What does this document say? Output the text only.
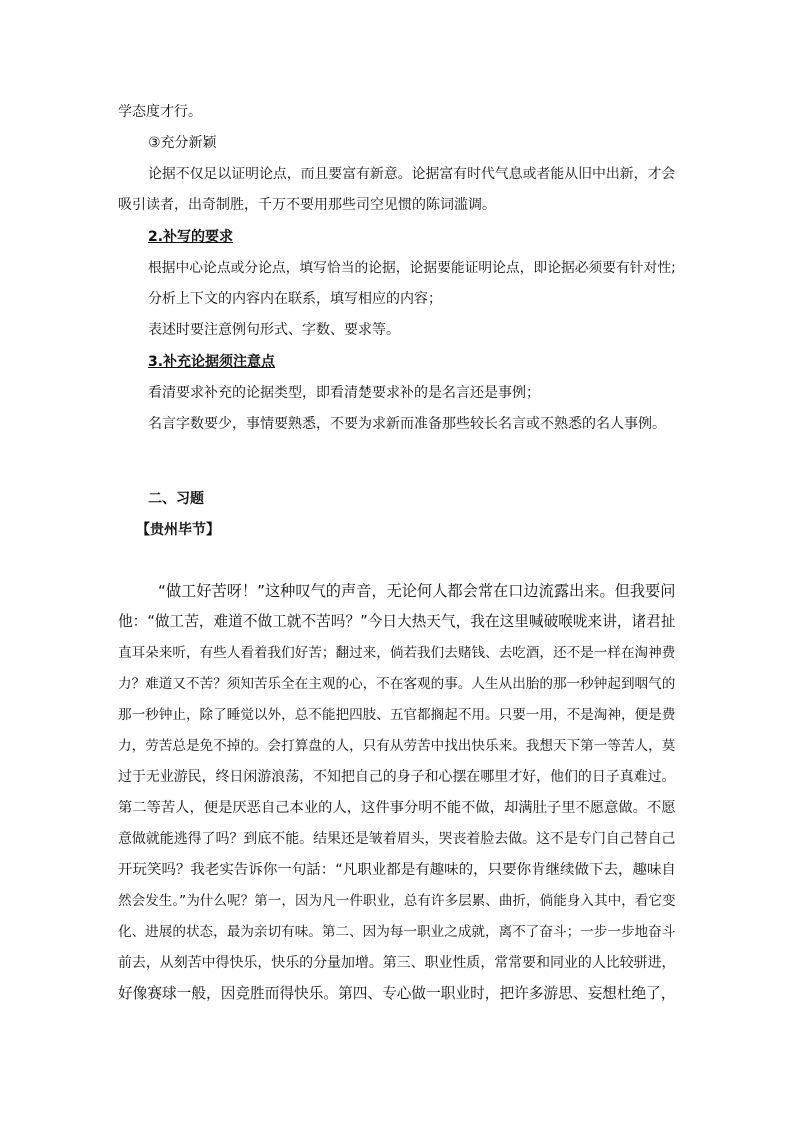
学态度才行。
③充分新颖
论据不仅足以证明论点，而且要富有新意。论据富有时代气息或者能从旧中出新，才会
吸引读者，出奇制胜，千万不要用那些司空见惯的陈词滥调。
2.补写的要求
根据中心论点或分论点，填写恰当的论据，论据要能证明论点，即论据必须要有针对性;
分析上下文的内容内在联系，填写相应的内容；
表述时要注意例句形式、字数、要求等。
3.补充论据须注意点
看清要求补充的论据类型，即看清楚要求补的是名言还是事例；
名言字数要少，事情要熟悉，不要为求新而准备那些较长名言或不熟悉的名人事例。
二、习题
【贵州毕节】
“做工好苦呀！”这种叹气的声音，无论何人都会常在口边流露出来。但我要问
他：“做工苦，难道不做工就不苦吗？”今日大热天气，我在这里喊破喉咙来讲，诸君扯
直耳朵来听，有些人看着我们好苦；翻过来，倘若我们去赌钱、去吃酒，还不是一样在淘神费
力？难道又不苦？须知苦乐全在主观的心，不在客观的事。人生从出胎的那一秒钟起到咽气的
那一秒钟止，除了睡觉以外，总不能把四肢、五官都搁起不用。只要一用，不是淘神，便是费
力，劳苦总是免不掉的。会打算盘的人，只有从劳苦中找出快乐来。我想天下第一等苦人，莫
过于无业游民，终日闲游浪荡，不知把自己的身子和心摆在哪里才好，他们的日子真难过。
第二等苦人，便是厌恶自己本业的人，这件事分明不能不做，却满肚子里不愿意做。不愿
意做就能逃得了吗？到底不能。结果还是皱着眉头，哭丧着脸去做。这不是专门自己替自己
开玩笑吗？我老实告诉你一句話：“凡职业都是有趣味的，只要你肯继续做下去，趣味自
然会发生。”为什么呢？第一，因为凡一件职业，总有许多层累、曲折，倘能身入其中，看它变
化、进展的状态，最为亲切有味。第二、因为每一职业之成就，离不了奋斗；一步一步地奋斗
前去，从刻苦中得快乐，快乐的分量加增。第三、职业性质，常常要和同业的人比较骈进，
好像赛球一般，因竞胜而得快乐。第四、专心做一职业时，把许多游思、妄想杜绝了，
